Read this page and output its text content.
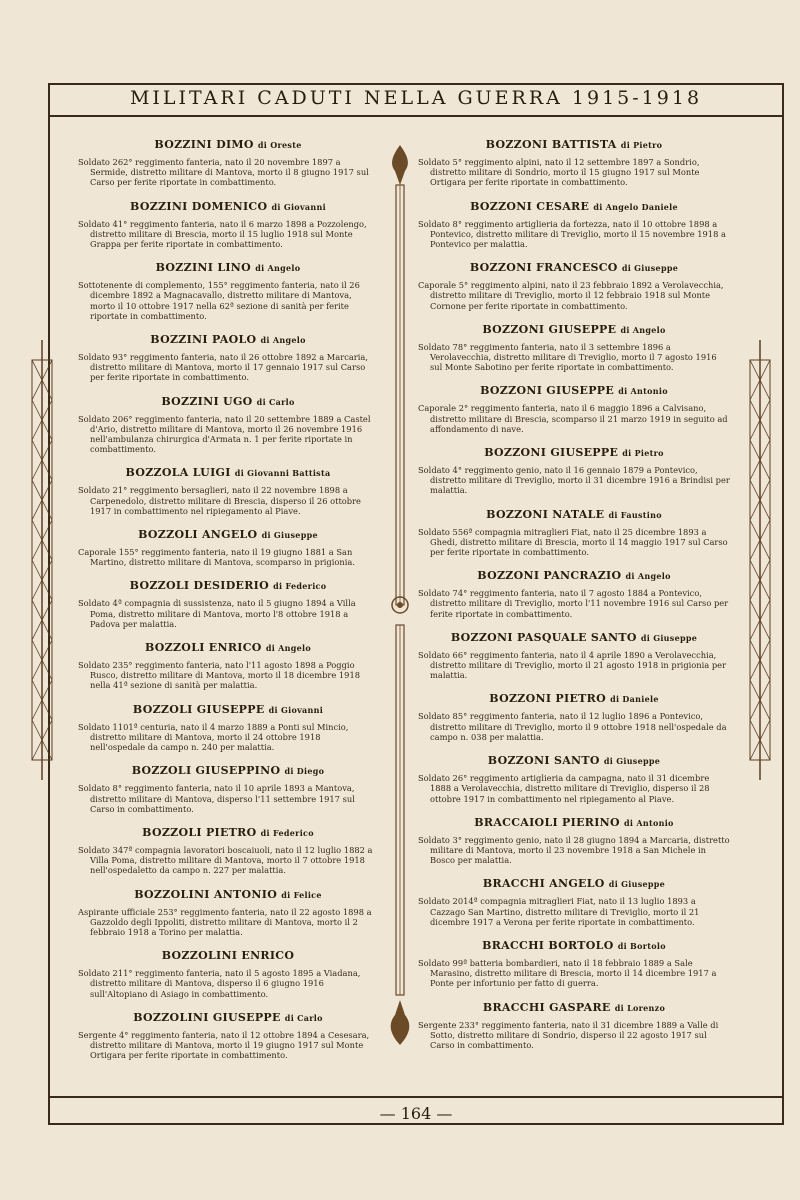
MILITARI CADUTI NELLA GUERRA 1915-1918
BOZZINI DIMO di Oreste
Soldato 262° reggimento fanteria, nato il 20 novembre 1897 a Sermide, distretto militare di Mantova, morto il 8 giugno 1917 sul Carso per ferite riportate in combattimento.
BOZZINI DOMENICO di Giovanni
Soldato 41° reggimento fanteria, nato il 6 marzo 1898 a Pozzolengo, distretto militare di Brescia, morto il 15 luglio 1918 sul Monte Grappa per ferite riportate in combattimento.
BOZZINI LINO di Angelo
Sottotenente di complemento, 155° reggimento fanteria, nato il 26 dicembre 1892 a Magnacavallo, distretto militare di Mantova, morto il 10 ottobre 1917 nella 62ª sezione di sanità per ferite riportate in combattimento.
BOZZINI PAOLO di Angelo
Soldato 93° reggimento fanteria, nato il 26 ottobre 1892 a Marcaria, distretto militare di Mantova, morto il 17 gennaio 1917 sul Carso per ferite riportate in combattimento.
BOZZINI UGO di Carlo
Soldato 206° reggimento fanteria, nato il 20 settembre 1889 a Castel d'Ario, distretto militare di Mantova, morto il 26 novembre 1916 nell'ambulanza chirurgica d'Armata n. 1 per ferite riportate in combattimento.
BOZZOLA LUIGI di Giovanni Battista
Soldato 21° reggimento bersaglieri, nato il 22 novembre 1898 a Carpenedolo, distretto militare di Brescia, disperso il 26 ottobre 1917 in combattimento nel ripiegamento al Piave.
BOZZOLI ANGELO di Giuseppe
Caporale 155° reggimento fanteria, nato il 19 giugno 1881 a San Martino, distretto militare di Mantova, scomparso in prigionia.
BOZZOLI DESIDERIO di Federico
Soldato 4ª compagnia di sussistenza, nato il 5 giugno 1894 a Villa Poma, distretto militare di Mantova, morto l'8 ottobre 1918 a Padova per malattia.
BOZZOLI ENRICO di Angelo
Soldato 235° reggimento fanteria, nato l'11 agosto 1898 a Poggio Rusco, distretto militare di Mantova, morto il 18 dicembre 1918 nella 41ª sezione di sanità per malattia.
BOZZOLI GIUSEPPE di Giovanni
Soldato 1101ª centuria, nato il 4 marzo 1889 a Ponti sul Mincio, distretto militare di Mantova, morto il 24 ottobre 1918 nell'ospedale da campo n. 240 per malattia.
BOZZOLI GIUSEPPINO di Diego
Soldato 8° reggimento fanteria, nato il 10 aprile 1893 a Mantova, distretto militare di Mantova, disperso l'11 settembre 1917 sul Carso in combattimento.
BOZZOLI PIETRO di Federico
Soldato 347ª compagnia lavoratori boscaiuoli, nato il 12 luglio 1882 a Villa Poma, distretto militare di Mantova, morto il 7 ottobre 1918 nell'ospedaletto da campo n. 227 per malattia.
BOZZOLINI ANTONIO di Felice
Aspirante ufficiale 253° reggimento fanteria, nato il 22 agosto 1898 a Gazzoldo degli Ippoliti, distretto militare di Mantova, morto il 2 febbraio 1918 a Torino per malattia.
BOZZOLINI ENRICO
Soldato 211° reggimento fanteria, nato il 5 agosto 1895 a Viadana, distretto militare di Mantova, disperso il 6 giugno 1916 sull'Altopiano di Asiago in combattimento.
BOZZOLINI GIUSEPPE di Carlo
Sergente 4° reggimento fanteria, nato il 12 ottobre 1894 a Cesesara, distretto militare di Mantova, morto il 19 giugno 1917 sul Monte Ortigara per ferite riportate in combattimento.
BOZZONI BATTISTA di Pietro
Soldato 5° reggimento alpini, nato il 12 settembre 1897 a Sondrio, distretto militare di Sondrio, morto il 15 giugno 1917 sul Monte Ortigara per ferite riportate in combattimento.
BOZZONI CESARE di Angelo Daniele
Soldato 8° reggimento artiglieria da fortezza, nato il 10 ottobre 1898 a Pontevico, distretto militare di Treviglio, morto il 15 novembre 1918 a Pontevico per malattia.
BOZZONI FRANCESCO di Giuseppe
Caporale 5° reggimento alpini, nato il 23 febbraio 1892 a Verolavecchia, distretto militare di Treviglio, morto il 12 febbraio 1918 sul Monte Cornone per ferite riportate in combattimento.
BOZZONI GIUSEPPE di Angelo
Soldato 78° reggimento fanteria, nato il 3 settembre 1896 a Verolavecchia, distretto militare di Treviglio, morto il 7 agosto 1916 sul Monte Sabotino per ferite riportate in combattimento.
BOZZONI GIUSEPPE di Antonio
Caporale 2° reggimento fanteria, nato il 6 maggio 1896 a Calvisano, distretto militare di Brescia, scomparso il 21 marzo 1919 in seguito ad affondamento di nave.
BOZZONI GIUSEPPE di Pietro
Soldato 4° reggimento genio, nato il 16 gennaio 1879 a Pontevico, distretto militare di Treviglio, morto il 31 dicembre 1916 a Brindisi per malattia.
BOZZONI NATALE di Faustino
Soldato 556ª compagnia mitraglieri Fiat, nato il 25 dicembre 1893 a Ghedi, distretto militare di Brescia, morto il 14 maggio 1917 sul Carso per ferite riportate in combattimento.
BOZZONI PANCRAZIO di Angelo
Soldato 74° reggimento fanteria, nato il 7 agosto 1884 a Pontevico, distretto militare di Treviglio, morto l'11 novembre 1916 sul Carso per ferite riportate in combattimento.
BOZZONI PASQUALE SANTO di Giuseppe
Soldato 66° reggimento fanteria, nato il 4 aprile 1890 a Verolavecchia, distretto militare di Treviglio, morto il 21 agosto 1918 in prigionia per malattia.
BOZZONI PIETRO di Daniele
Soldato 85° reggimento fanteria, nato il 12 luglio 1896 a Pontevico, distretto militare di Treviglio, morto il 9 ottobre 1918 nell'ospedale da campo n. 038 per malattia.
BOZZONI SANTO di Giuseppe
Soldato 26° reggimento artiglieria da campagna, nato il 31 dicembre 1888 a Verolavecchia, distretto militare di Treviglio, disperso il 28 ottobre 1917 in combattimento nel ripiegamento al Piave.
BRACCAIOLI PIERINO di Antonio
Soldato 3° reggimento genio, nato il 28 giugno 1894 a Marcaria, distretto militare di Mantova, morto il 23 novembre 1918 a San Michele in Bosco per malattia.
BRACCHI ANGELO di Giuseppe
Soldato 2014ª compagnia mitraglieri Fiat, nato il 13 luglio 1893 a Cazzago San Martino, distretto militare di Treviglio, morto il 21 dicembre 1917 a Verona per ferite riportate in combattimento.
BRACCHI BORTOLO di Bortolo
Soldato 99ª batteria bombardieri, nato il 18 febbraio 1889 a Sale Marasino, distretto militare di Brescia, morto il 14 dicembre 1917 a Ponte per infortunio per fatto di guerra.
BRACCHI GASPARE di Lorenzo
Sergente 233° reggimento fanteria, nato il 31 dicembre 1889 a Valle di Sotto, distretto militare di Sondrio, disperso il 22 agosto 1917 sul Carso in combattimento.
— 164 —
